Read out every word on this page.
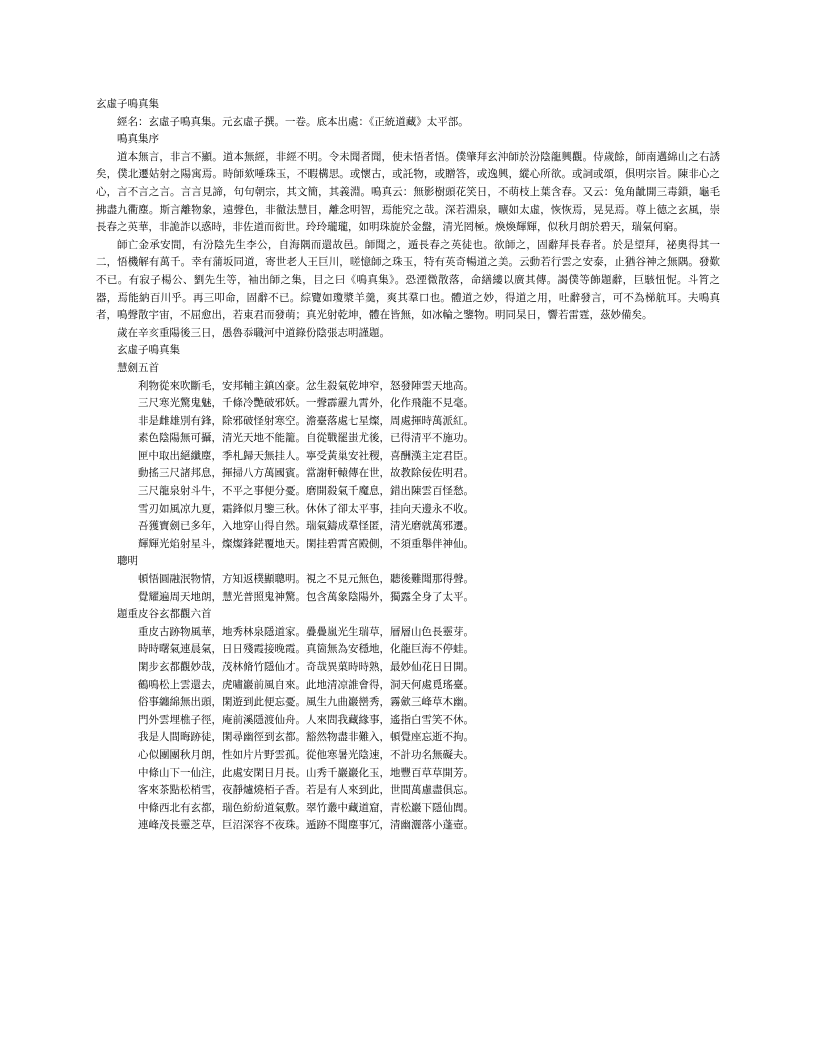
玄虛子鳴真集
經名：玄虛子鳴真集。元玄虛子撰。一卷。底本出處：《正統道藏》太平部。
鳴真集序
道本無言，非言不顯。道本無經，非經不明。令未聞者聞，使未悟者悟。僕肇拜玄沖師於汾陰龍興觀。侍歲餘，師南邁綿山之右誘矣，僕北遷姑射之陽寓焉。時師欬唾珠玉，不暇構思。或懷古，或託物，或贈答，或逸興，縱心所欲。或詞或頌，俱明宗旨。陳非心之心，言不言之言。言言見諦，句句朝宗，其文簡，其義淵。鳴真云：無影樹頭花笑日，不萌枝上葉含春。又云：兔角龇開三毒鎖，龜毛拂盡九衢塵。斯言離物象，遠聲色，非徹法慧目，離念明智，焉能究之哉。深若淵泉，曠如太虛，恢恢焉，晃晃焉。尊上德之玄風，崇長春之英華，非詭詐以惑時，非佐道而衒世。玲玲瓏瓏，如明珠旋於金盤，清光罔極。煥煥輝輝，似秋月朗於碧天，瑞氣何窮。
師亡金承安間，有汾陰先生李公，自海隅而還故邑。師聞之，遁長春之英徒也。欲師之，固辭拜長春者。於是望拜，祕奧得其一二，悟機解有萬千。幸有蒲坂同道，寄世老人王巨川，嗟憶師之珠玉，特有英奇暢道之美。云動若行雲之安泰，止猶谷神之無隅。發歎不已。有寂子楊公、劉先生等，袖出師之集，目之曰《鳴真集》。恐湮微散落，命繕縷以廣其傳。謁僕等飾題辭，巨駭忸怩。斗筲之器，焉能納百川乎。再三叩命，固辭不已。綜覽如瓊漿羊羹，爽其羣口也。體道之妙，得道之用，吐辭發言，可不為梯航耳。夫鳴真者，鳴聲散宇宙，不屈愈出，若東君而發萌；真光射乾坤，體在皆無，如冰輪之鑒物。明同杲日，響若雷霆，茲妙備矣。
歲在辛亥重陽後三日，愚魯忝職河中道錄份陰張志明謹題。
玄虛子鳴真集
慧劍五首
利物從來吹斷毛，安邦輔主鎮凶豪。忿生殺氣乾坤窄，怒發陣雲天地高。
三尺寒光驚鬼魅，千條冷艷破邪妖。一聲霹靂九霄外，化作飛龍不見毫。
非是雌雄別有鋒，除邪破怪射寒空。澹臺落處七星燦，周處揮時萬派紅。
素色陰陽無可攝，清光天地不能籠。自從戰罷蚩尤後，已得清平不施功。
匣中取出絕纖塵，季札歸天無挂人。寧受黃巢安社稷，喜酬漢主定君臣。
動搖三尺諸邦息，揮掃八方萬國賓。當謝軒轅傳在世，故教除佞佐明君。
三尺龍泉射斗牛，不平之事便分憂。磨開殺氣千魔息，錯出陳雲百怪愁。
雪刃如風凉九夏，霜鋒似月鑒三秋。休休了卻太平事，挂向天邊永不收。
吾獲寶劍已多年，入地穿山得自然。瑞氣鑄成羣怪匿，清光磨就萬邪遷。
輝輝光焰射星斗，燦燦鋒鋩覆地天。閑挂碧霄宮殿側，不須重舉伴神仙。
聰明
頓悟圓融泯物情，方知返樸顯聰明。視之不見元無色，聽後難聞那得聲。
覺耀遍周天地朗，慧光普照鬼神驚。包含萬象陰陽外，獨露全身了太平。
題重皮谷玄都觀六首
重皮古跡物風華，地秀林泉隱道家。疊疊嵐光生瑞草，層層山色長靈芽。
時時曙氣連晨氣，日日殘霞接晚霞。真箇無為安穩地，化龍巨海不停蛙。
閑步玄都觀妙哉，茂林脩竹隱仙才。奇哉異菓時時熟，最妙仙花日日開。
鶴鳴松上雲還去，虎嘯巖前風自來。此地清凉誰會得，洞天何處覓瑤臺。
俗事纏綿無出頭，閑遊到此便忘憂。風生九曲巖巒秀，霧歛三峰草木幽。
門外雲埋樵子徑，庵前溪隱渡仙舟。人來問我藏緣事，遙指白雪笑不休。
我是人間晦跡徒，閑尋幽徑到玄都。豁然物盡非難入，頓覺座忘逝不拘。
心似團團秋月朗，性如片片野雲孤。從他寒暑光陰速，不計功名無礙夫。
中條山下一仙注，此處安閑日月長。山秀千巖巖化玉，地豐百草草開芳。
客來茶點松梢雪，夜靜爐燒栢子香。若是有人來到此，世間萬慮盡俱忘。
中條西北有玄都，瑞色紛紛道氣敷。翠竹叢中藏道窟，青松巖下隱仙閭。
連峰茂長靈芝草，巨沼深容不夜珠。遁跡不聞塵事冗，清幽灑落小蓬壺。
